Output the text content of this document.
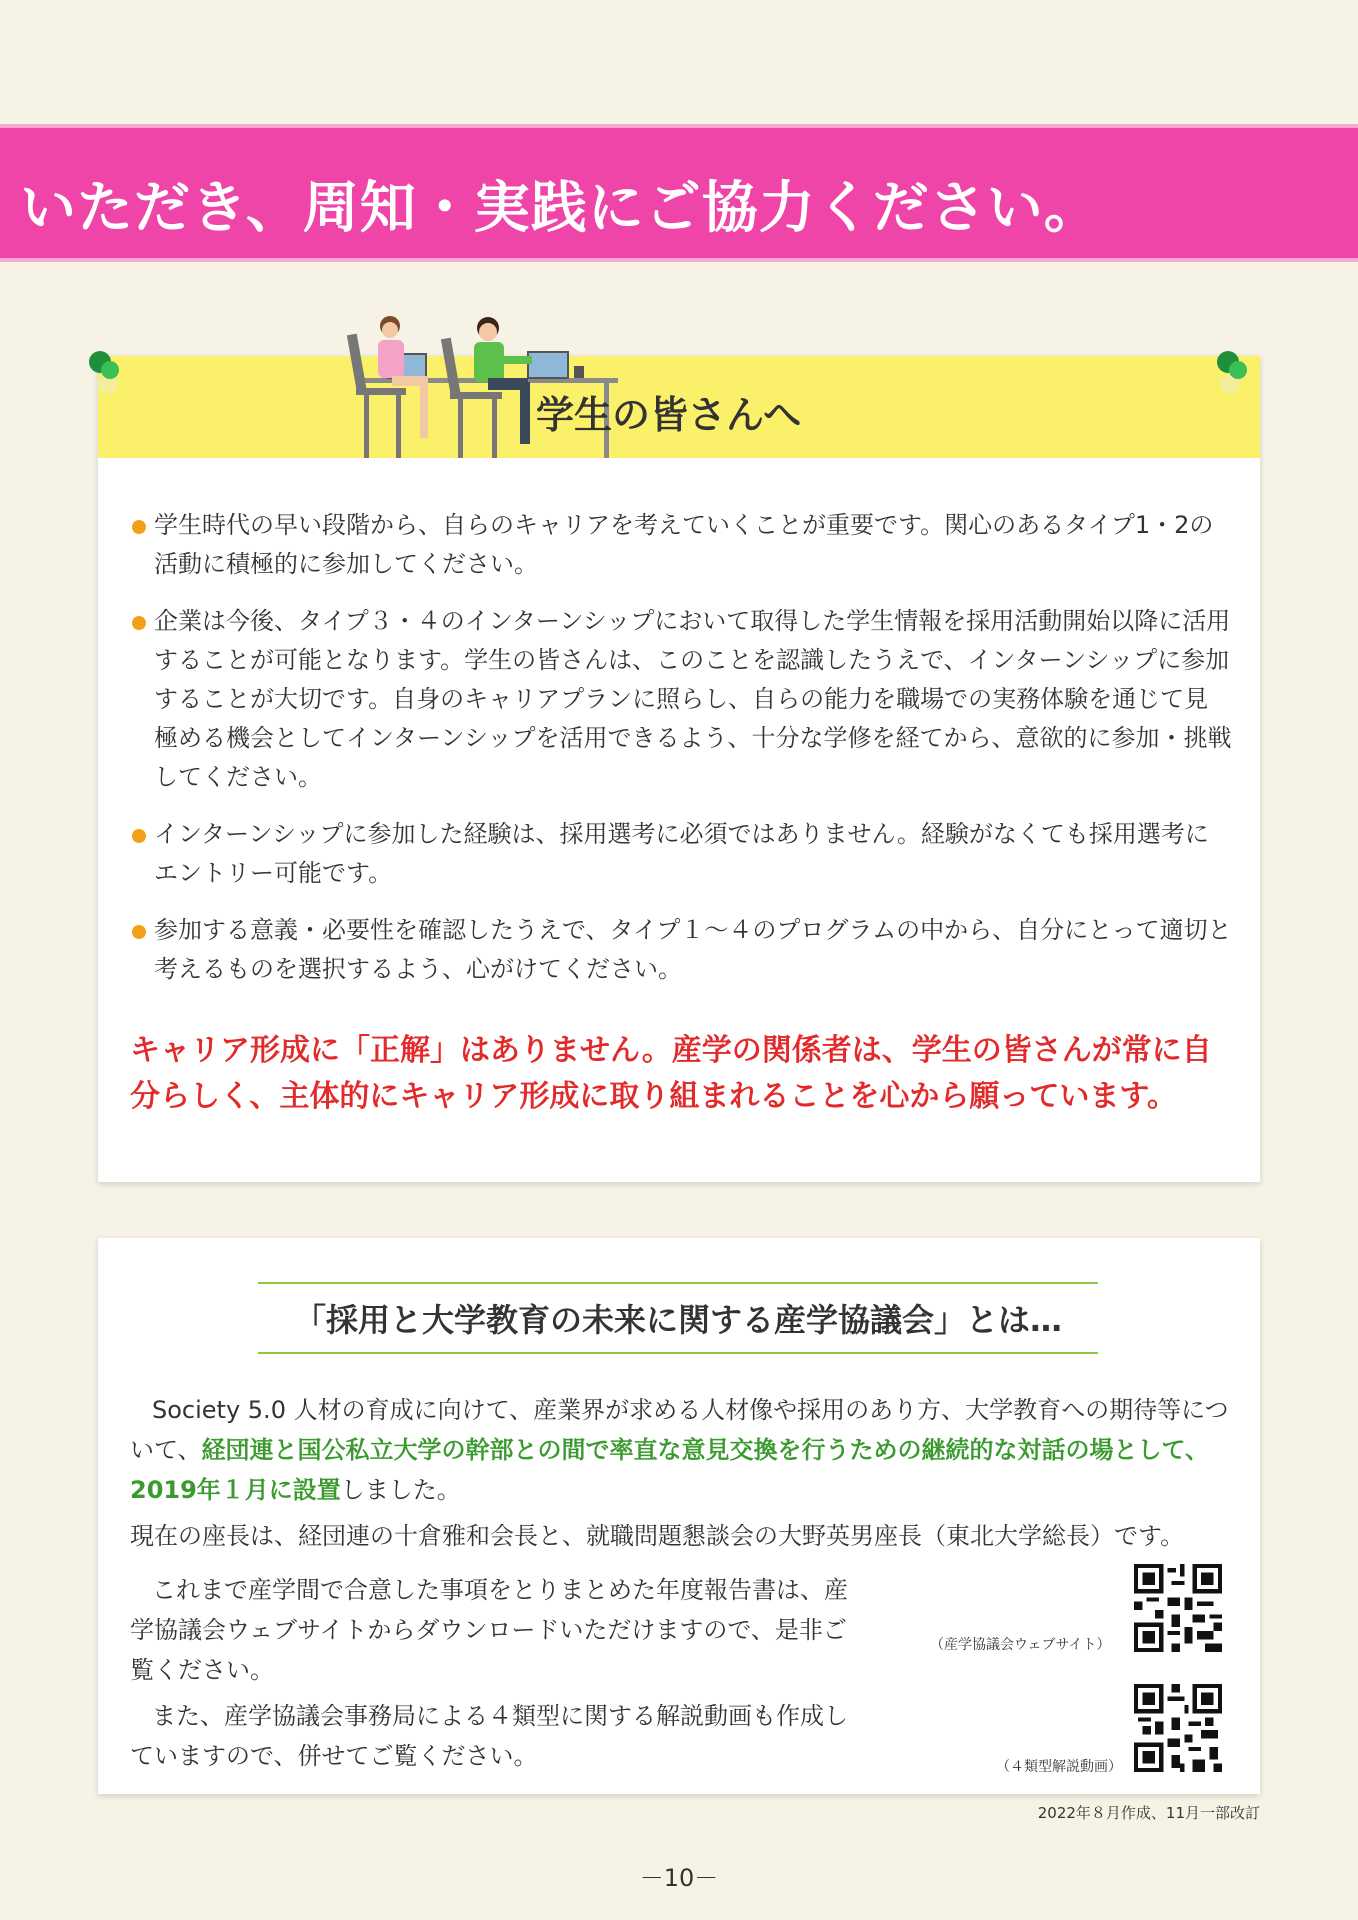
いただき、周知・実践にご協力ください。
学生の皆さんへ
学生時代の早い段階から、自らのキャリアを考えていくことが重要です。関心のあるタイプ1・2の活動に積極的に参加してください。
企業は今後、タイプ３・４のインターンシップにおいて取得した学生情報を採用活動開始以降に活用することが可能となります。学生の皆さんは、このことを認識したうえで、インターンシップに参加することが大切です。自身のキャリアプランに照らし、自らの能力を職場での実務体験を通じて見極める機会としてインターンシップを活用できるよう、十分な学修を経てから、意欲的に参加・挑戦してください。
インターンシップに参加した経験は、採用選考に必須ではありません。経験がなくても採用選考にエントリー可能です。
参加する意義・必要性を確認したうえで、タイプ１～４のプログラムの中から、自分にとって適切と考えるものを選択するよう、心がけてください。
キャリア形成に「正解」はありません。産学の関係者は、学生の皆さんが常に自分らしく、主体的にキャリア形成に取り組まれることを心から願っています。
「採用と大学教育の未来に関する産学協議会」とは…
Society 5.0 人材の育成に向けて、産業界が求める人材像や採用のあり方、大学教育への期待等について、経団連と国公私立大学の幹部との間で率直な意見交換を行うための継続的な対話の場として、2019年１月に設置しました。
現在の座長は、経団連の十倉雅和会長と、就職問題懇談会の大野英男座長（東北大学総長）です。
これまで産学間で合意した事項をとりまとめた年度報告書は、産学協議会ウェブサイトからダウンロードいただけますので、是非ご覧ください。
（産学協議会ウェブサイト）
また、産学協議会事務局による４類型に関する解説動画も作成していますので、併せてご覧ください。	（４類型解説動画）
2022年８月作成、11月一部改訂
－10－
